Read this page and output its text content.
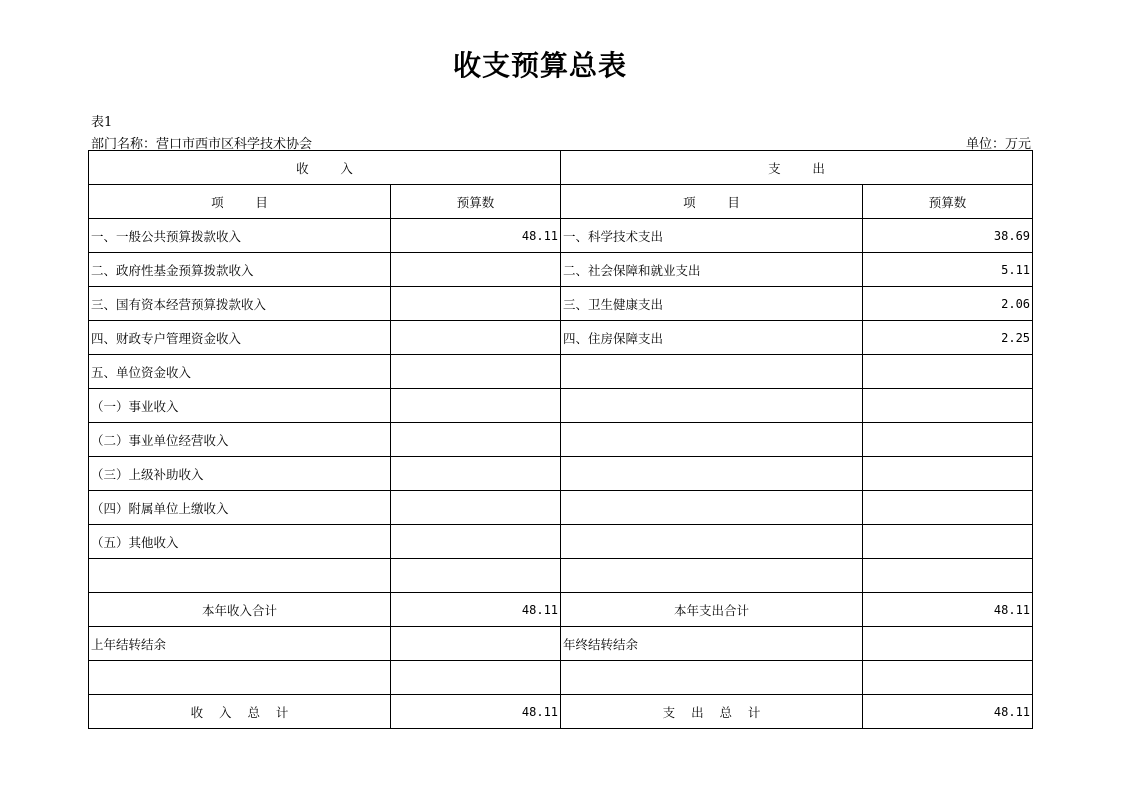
收支预算总表
表1
部门名称：营口市西市区科学技术协会	单位：万元
收        入		支        出	
项        目	预算数	项        目	预算数
一、一般公共预算拨款收入	48.11	一、科学技术支出	38.69
二、政府性基金预算拨款收入		二、社会保障和就业支出	5.11
三、国有资本经营预算拨款收入		三、卫生健康支出	2.06
四、财政专户管理资金收入		四、住房保障支出	2.25
五、单位资金收入			
（一）事业收入			
（二）事业单位经营收入			
（三）上级补助收入			
（四）附属单位上缴收入			
（五）其他收入			

本年收入合计	48.11	本年支出合计	48.11
上年结转结余		年终结转结余	

收    入    总    计	48.11	支    出    总    计	48.11
